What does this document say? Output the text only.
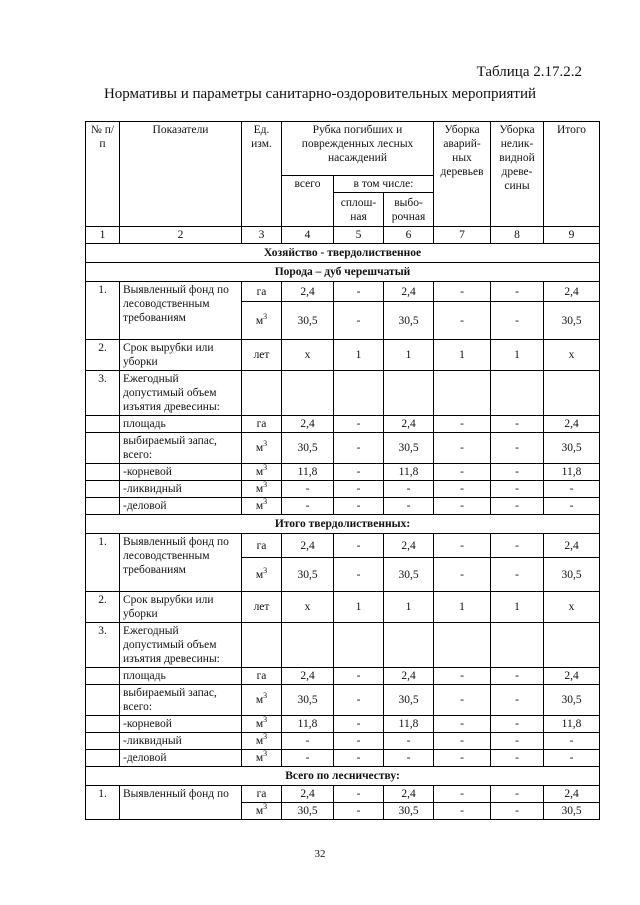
Таблица 2.17.2.2
Нормативы и параметры санитарно-оздоровительных мероприятий
№ п/п	Показатели	Ед. изм.	Рубка погибших и поврежденных лесных насаждений			Уборка аварий-ных деревьев	Уборка нелик-видной древе-сины	Итого
			всего	в том числе:				
				сплош-ная	выбо-рочная			
1	2	3	4	5	6	7	8	9
Хозяйство - твердолиственное								
Порода – дуб черешчатый								
1.	Выявленный фонд по лесоводственным требованиям	га	2,4	-	2,4	-	-	2,4
		$м^3$	30,5	-	30,5	-	-	30,5
2.	Срок вырубки или уборки	лет	х	1	1	1	1	х
3.	Ежегодный допустимый объем изъятия древесины:							
	площадь	га	2,4	-	2,4	-	-	2,4
	выбираемый запас, всего:	$м^3$	30,5	-	30,5	-	-	30,5
	-корневой	$м^3$	11,8	-	11,8	-	-	11,8
	-ликвидный	$м^3$	-	-	-	-	-	-
	-деловой	$м^3$	-	-	-	-	-	-
Итого твердолиственных:								
1.	Выявленный фонд по лесоводственным требованиям	га	2,4	-	2,4	-	-	2,4
		$м^3$	30,5	-	30,5	-	-	30,5
2.	Срок вырубки или уборки	лет	х	1	1	1	1	х
3.	Ежегодный допустимый объем изъятия древесины:							
	площадь	га	2,4	-	2,4	-	-	2,4
	выбираемый запас, всего:	$м^3$	30,5	-	30,5	-	-	30,5
	-корневой	$м^3$	11,8	-	11,8	-	-	11,8
	-ликвидный	$м^3$	-	-	-	-	-	-
	-деловой	$м^3$	-	-	-	-	-	-
Всего по лесничеству:								
1.	Выявленный фонд по	га	2,4	-	2,4	-	-	2,4
		$м^3$	30,5	-	30,5	-	-	30,5
32
